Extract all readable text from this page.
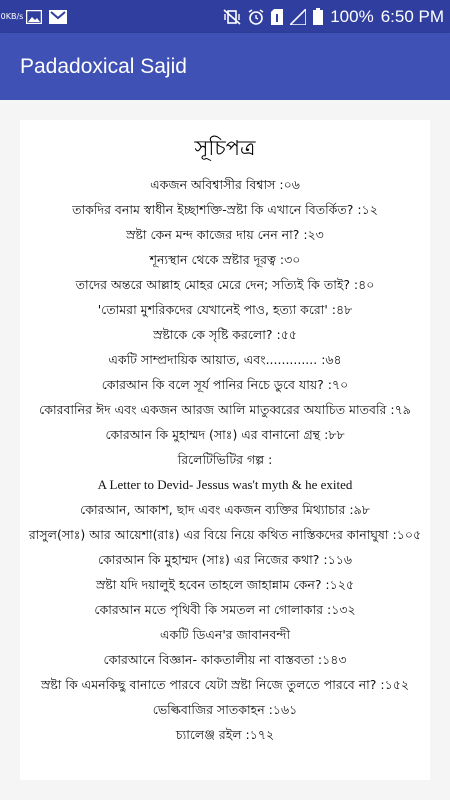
0 KB/s	100% 6:50 PM
Padadoxical Sajid
সূচিপত্র
একজন অবিশ্বাসীর বিশ্বাস :০৬
তাকদির বনাম স্বাধীন ইচ্ছাশক্তি-স্রষ্টা কি এখানে বিতর্কিত? :১২
স্রষ্টা কেন মন্দ কাজের দায় নেন না? :২৩
শূন্যস্থান থেকে স্রষ্টার দূরত্ব :৩০
তাদের অন্তরে আল্লাহ মোহর মেরে দেন; সত্যিই কি তাই? :৪০
'তোমরা মুশরিকদের যেখানেই পাও, হত্যা করো' :৪৮
স্রষ্টাকে কে সৃষ্টি করলো? :৫৫
একটি সাম্প্রদায়িক আয়াত, এবং............. :৬৪
কোরআন কি বলে সূর্য পানির নিচে ডুবে যায়? :৭০
কোরবানির ঈদ এবং একজন আরজ আলি মাতুব্বরের অযাচিত মাতবরি :৭৯
কোরআন কি মুহাম্মদ (সাঃ) এর বানানো গ্রন্থ :৮৮
রিলেটিভিটির গল্প :
A Letter to Devid- Jessus was't myth & he exited
কোরআন, আকাশ, ছাদ এবং একজন ব্যক্তির মিথ্যাচার :৯৮
রাসুল(সাঃ) আর আয়েশা(রাঃ) এর বিয়ে নিয়ে কথিত নাস্তিকদের কানাঘুষা :১০৫
কোরআন কি মুহাম্মদ (সাঃ) এর নিজের কথা? :১১৬
স্রষ্টা যদি দয়ালুই হবেন তাহলে জাহান্নাম কেন? :১২৫
কোরআন মতে পৃথিবী কি সমতল না গোলাকার :১৩২
একটি ডিএন'র জাবানবন্দী
কোরআনে বিজ্ঞান- কাকতালীয় না বাস্তবতা :১৪৩
স্রষ্টা কি এমনকিছু বানাতে পারবে যেটা স্রষ্টা নিজে তুলতে পারবে না? :১৫২
ভেল্কিবাজির সাতকাহন :১৬১
চ্যালেঞ্জ রইল :১৭২
